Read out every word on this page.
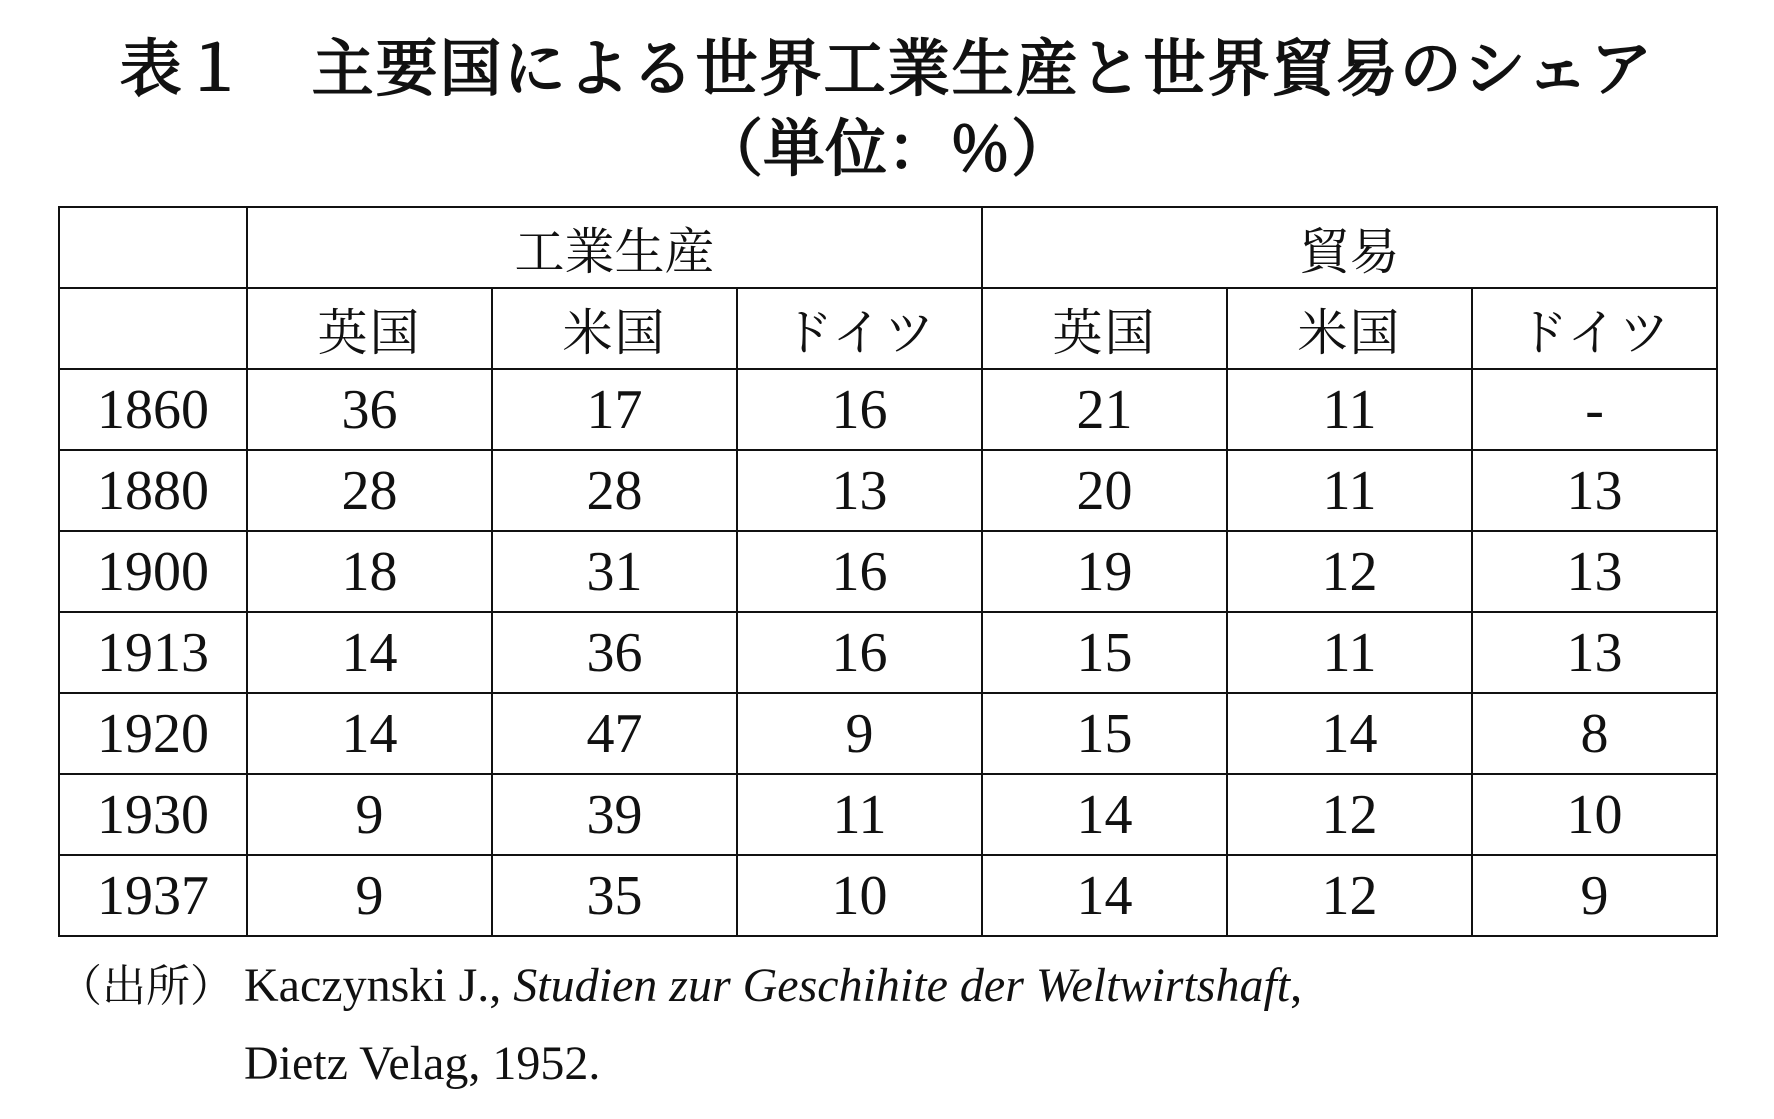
表１　主要国による世界工業生産と世界貿易のシェア
（単位：％）
	工業生産			貿易		
	英国	米国	ドイツ	英国	米国	ドイツ
1860	36	17	16	21	11	-
1880	28	28	13	20	11	13
1900	18	31	16	19	12	13
1913	14	36	16	15	11	13
1920	14	47	9	15	14	8
1930	9	39	11	14	12	10
1937	9	35	10	14	12	9
（出所） Kaczynski J., Studien zur Geschihite der Weltwirtshaft,
Dietz Velag, 1952.
